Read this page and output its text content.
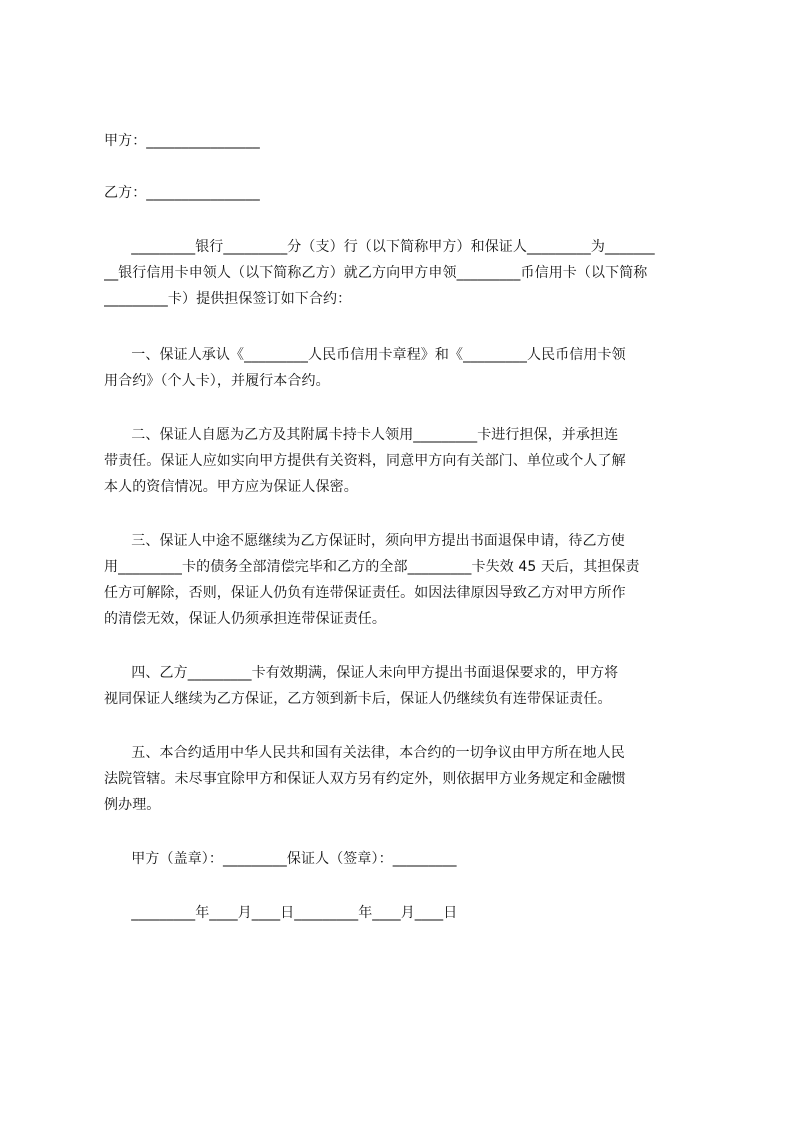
甲方：________________
乙方：________________
_________银行_________分（支）行（以下简称甲方）和保证人_________为_______
__银行信用卡申领人（以下简称乙方）就乙方向甲方申领_________币信用卡（以下简称
_________卡）提供担保签订如下合约：
一、保证人承认《_________人民币信用卡章程》和《_________人民币信用卡领
用合约》（个人卡），并履行本合约。
二、保证人自愿为乙方及其附属卡持卡人领用_________卡进行担保，并承担连
带责任。保证人应如实向甲方提供有关资料，同意甲方向有关部门、单位或个人了解
本人的资信情况。甲方应为保证人保密。
三、保证人中途不愿继续为乙方保证时，须向甲方提出书面退保申请，待乙方使
用_________卡的债务全部清偿完毕和乙方的全部_________卡失效 45 天后，其担保责
任方可解除，否则，保证人仍负有连带保证责任。如因法律原因导致乙方对甲方所作
的清偿无效，保证人仍须承担连带保证责任。
四、乙方_________卡有效期满，保证人未向甲方提出书面退保要求的，甲方将
视同保证人继续为乙方保证，乙方领到新卡后，保证人仍继续负有连带保证责任。
五、本合约适用中华人民共和国有关法律，本合约的一切争议由甲方所在地人民
法院管辖。未尽事宜除甲方和保证人双方另有约定外，则依据甲方业务规定和金融惯
例办理。
甲方（盖章）：_________保证人（签章）：_________
_________年____月____日_________年____月____日
